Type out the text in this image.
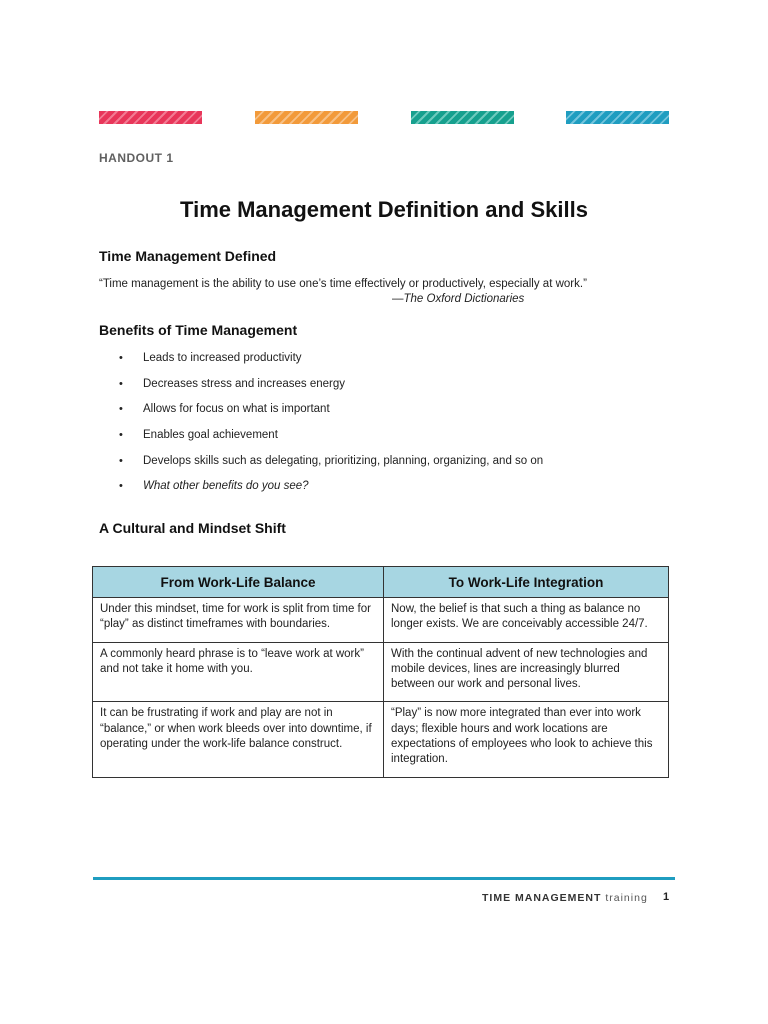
HANDOUT 1
Time Management Definition and Skills
Time Management Defined
“Time management is the ability to use one’s time effectively or productively, especially at work.”
—The Oxford Dictionaries
Benefits of Time Management
• Leads to increased productivity
• Decreases stress and increases energy
• Allows for focus on what is important
• Enables goal achievement
• Develops skills such as delegating, prioritizing, planning, organizing, and so on
• What other benefits do you see?
A Cultural and Mindset Shift
From Work-Life Balance	To Work-Life Integration
Under this mindset, time for work is split from time for “play” as distinct timeframes with boundaries.	Now, the belief is that such a thing as balance no longer exists. We are conceivably accessible 24/7.
A commonly heard phrase is to “leave work at work” and not take it home with you.	With the continual advent of new technologies and mobile devices, lines are increasingly blurred between our work and personal lives.
It can be frustrating if work and play are not in “balance,” or when work bleeds over into downtime, if operating under the work-life balance construct.	“Play” is now more integrated than ever into work days; flexible hours and work locations are expectations of employees who look to achieve this integration.
TIME MANAGEMENT training 1
